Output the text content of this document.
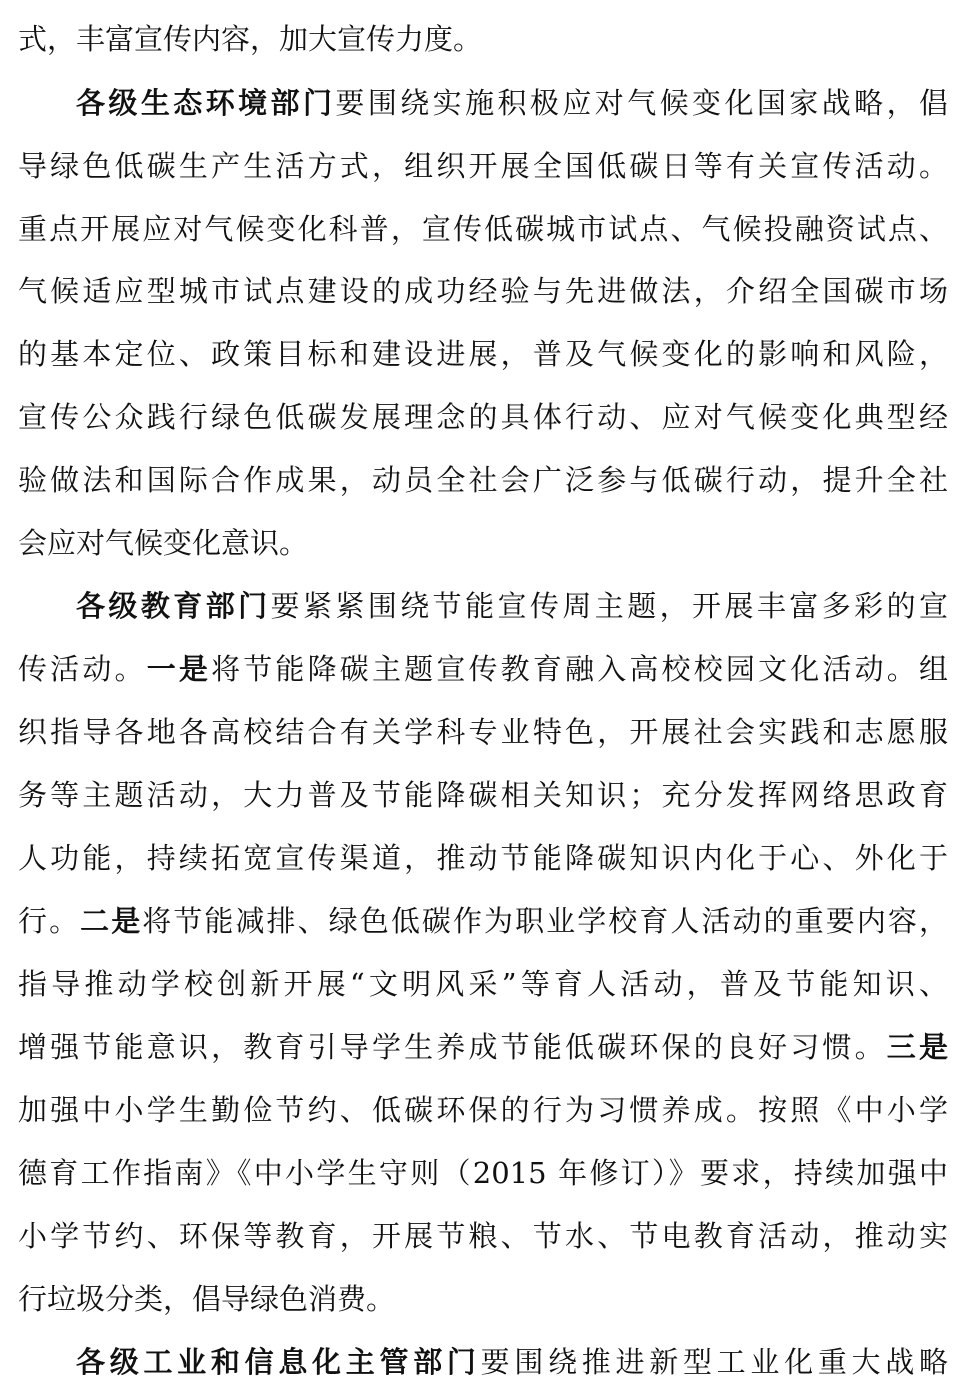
式，丰富宣传内容，加大宣传力度。
各级生态环境部门要围绕实施积极应对气候变化国家战略，倡
导绿色低碳生产生活方式，组织开展全国低碳日等有关宣传活动。
重点开展应对气候变化科普，宣传低碳城市试点、气候投融资试点、
气候适应型城市试点建设的成功经验与先进做法，介绍全国碳市场
的基本定位、政策目标和建设进展，普及气候变化的影响和风险，
宣传公众践行绿色低碳发展理念的具体行动、应对气候变化典型经
验做法和国际合作成果，动员全社会广泛参与低碳行动，提升全社
会应对气候变化意识。
各级教育部门要紧紧围绕节能宣传周主题，开展丰富多彩的宣
传活动。一是将节能降碳主题宣传教育融入高校校园文化活动。组
织指导各地各高校结合有关学科专业特色，开展社会实践和志愿服
务等主题活动，大力普及节能降碳相关知识；充分发挥网络思政育
人功能，持续拓宽宣传渠道，推动节能降碳知识内化于心、外化于
行。二是将节能减排、绿色低碳作为职业学校育人活动的重要内容，
指导推动学校创新开展“文明风采”等育人活动，普及节能知识、
增强节能意识，教育引导学生养成节能低碳环保的良好习惯。三是
加强中小学生勤俭节约、低碳环保的行为习惯养成。按照《中小学
德育工作指南》《中小学生守则（2015 年修订）》要求，持续加强中
小学节约、环保等教育，开展节粮、节水、节电教育活动，推动实
行垃圾分类，倡导绿色消费。
各级工业和信息化主管部门要围绕推进新型工业化重大战略
